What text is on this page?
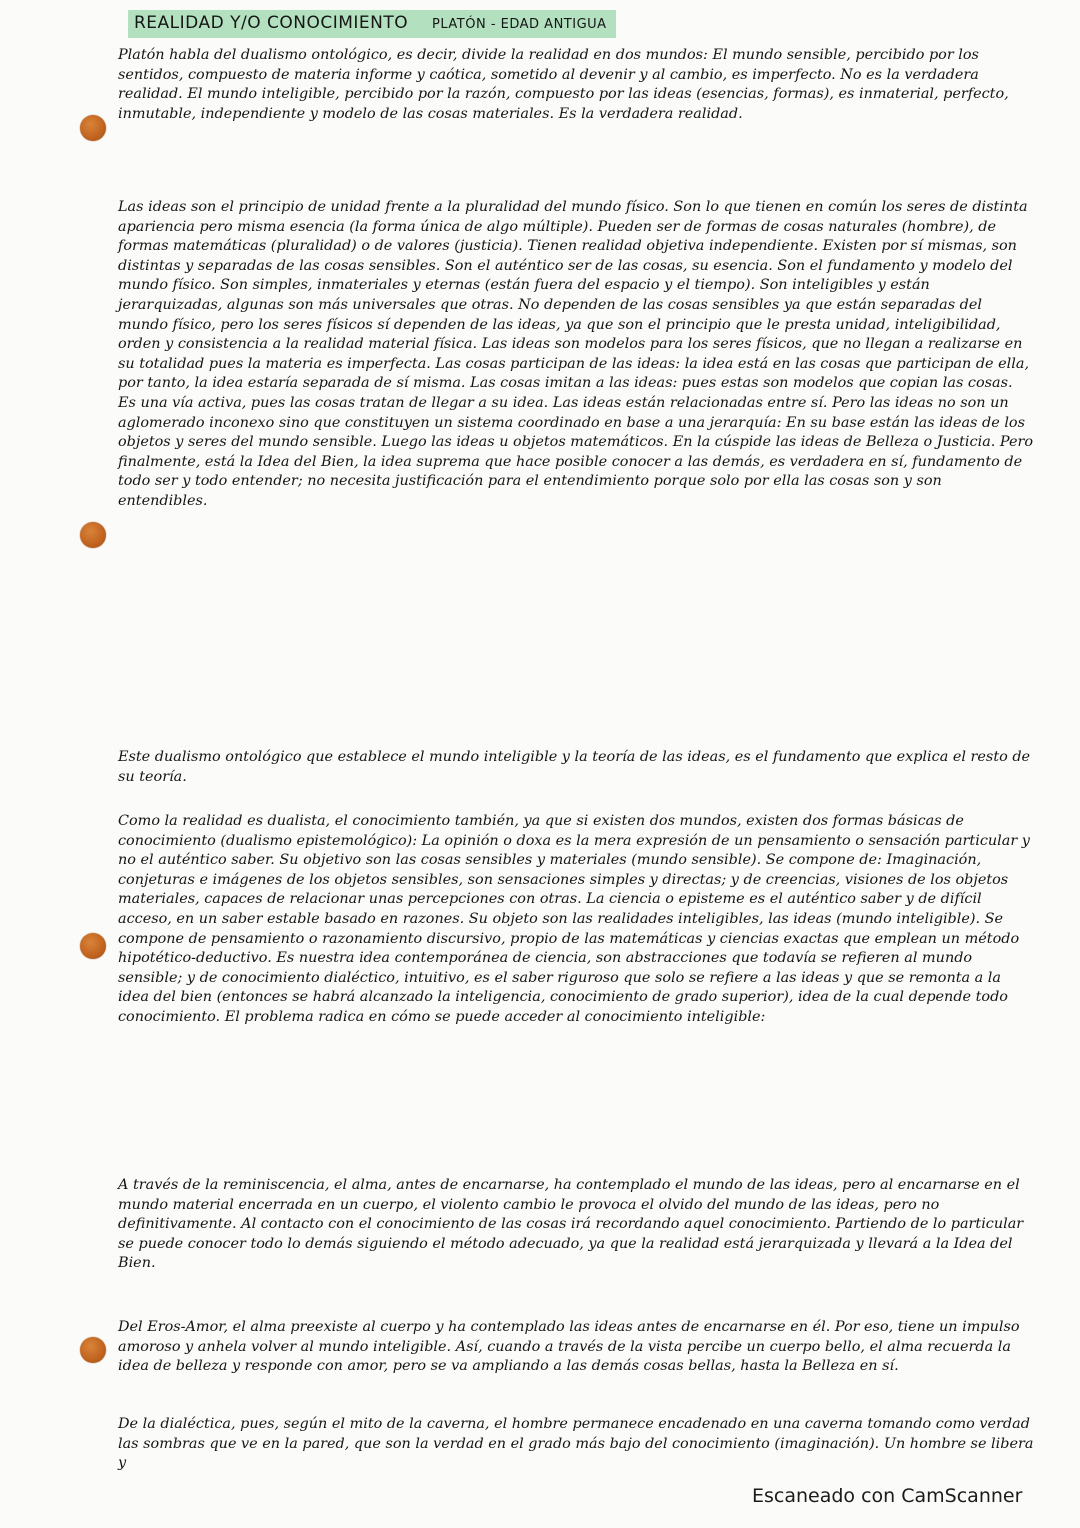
REALIDAD Y/O CONOCIMIENTO PLATÓN - EDAD ANTIGUA

Platón habla del dualismo ontológico, es decir, divide la realidad en dos mundos: El mundo sensible, percibido por los sentidos, compuesto de materia informe y caótica, sometido al devenir y al cambio, es imperfecto. No es la verdadera realidad. El mundo inteligible, percibido por la razón, compuesto por las ideas (esencias, formas), es inmaterial, perfecto, inmutable, independiente y modelo de las cosas materiales. Es la verdadera realidad.

Las ideas son el principio de unidad frente a la pluralidad del mundo físico. Son lo que tienen en común los seres de distinta apariencia pero misma esencia (la forma única de algo múltiple). Pueden ser de formas de cosas naturales (hombre), de formas matemáticas (pluralidad) o de valores (justicia). Tienen realidad objetiva independiente. Existen por sí mismas, son distintas y separadas de las cosas sensibles. Son el auténtico ser de las cosas, su esencia. Son el fundamento y modelo del mundo físico. Son simples, inmateriales y eternas (están fuera del espacio y el tiempo). Son inteligibles y están jerarquizadas, algunas son más universales que otras. No dependen de las cosas sensibles ya que están separadas del mundo físico, pero los seres físicos sí dependen de las ideas, ya que son el principio que le presta unidad, inteligibilidad, orden y consistencia a la realidad material física. Las ideas son modelos para los seres físicos, que no llegan a realizarse en su totalidad pues la materia es imperfecta. Las cosas participan de las ideas: la idea está en las cosas que participan de ella, por tanto, la idea estaría separada de sí misma. Las cosas imitan a las ideas: pues estas son modelos que copian las cosas. Es una vía activa, pues las cosas tratan de llegar a su idea. Las ideas están relacionadas entre sí. Pero las ideas no son un aglomerado inconexo sino que constituyen un sistema coordinado en base a una jerarquía: En su base están las ideas de los objetos y seres del mundo sensible. Luego las ideas u objetos matemáticos. En la cúspide las ideas de Belleza o Justicia. Pero finalmente, está la Idea del Bien, la idea suprema que hace posible conocer a las demás, es verdadera en sí, fundamento de todo ser y todo entender; no necesita justificación para el entendimiento porque solo por ella las cosas son y son entendibles.

Este dualismo ontológico que establece el mundo inteligible y la teoría de las ideas, es el fundamento que explica el resto de su teoría.

Como la realidad es dualista, el conocimiento también, ya que si existen dos mundos, existen dos formas básicas de conocimiento (dualismo epistemológico): La opinión o doxa es la mera expresión de un pensamiento o sensación particular y no el auténtico saber. Su objetivo son las cosas sensibles y materiales (mundo sensible). Se compone de: Imaginación, conjeturas e imágenes de los objetos sensibles, son sensaciones simples y directas; y de creencias, visiones de los objetos materiales, capaces de relacionar unas percepciones con otras. La ciencia o episteme es el auténtico saber y de difícil acceso, en un saber estable basado en razones. Su objeto son las realidades inteligibles, las ideas (mundo inteligible). Se compone de pensamiento o razonamiento discursivo, propio de las matemáticas y ciencias exactas que emplean un método hipotético-deductivo. Es nuestra idea contemporánea de ciencia, son abstracciones que todavía se refieren al mundo sensible; y de conocimiento dialéctico, intuitivo, es el saber riguroso que solo se refiere a las ideas y que se remonta a la idea del bien (entonces se habrá alcanzado la inteligencia, conocimiento de grado superior), idea de la cual depende todo conocimiento. El problema radica en cómo se puede acceder al conocimiento inteligible:

A través de la reminiscencia, el alma, antes de encarnarse, ha contemplado el mundo de las ideas, pero al encarnarse en el mundo material encerrada en un cuerpo, el violento cambio le provoca el olvido del mundo de las ideas, pero no definitivamente. Al contacto con el conocimiento de las cosas irá recordando aquel conocimiento. Partiendo de lo particular se puede conocer todo lo demás siguiendo el método adecuado, ya que la realidad está jerarquizada y llevará a la Idea del Bien.

Del Eros-Amor, el alma preexiste al cuerpo y ha contemplado las ideas antes de encarnarse en él. Por eso, tiene un impulso amoroso y anhela volver al mundo inteligible. Así, cuando a través de la vista percibe un cuerpo bello, el alma recuerda la idea de belleza y responde con amor, pero se va ampliando a las demás cosas bellas, hasta la Belleza en sí.

De la dialéctica, pues, según el mito de la caverna, el hombre permanece encadenado en una caverna tomando como verdad las sombras que ve en la pared, que son la verdad en el grado más bajo del conocimiento (imaginación). Un hombre se libera y

Escaneado con CamScanner
